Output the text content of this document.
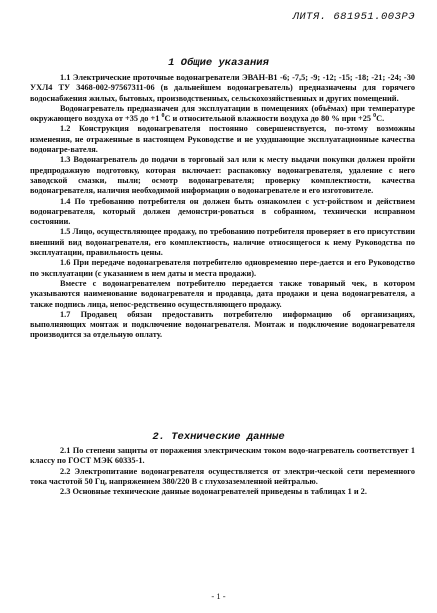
ЛИТЯ. 681951.003РЭ
1 Общие указания

1.1 Электрические проточные водонагреватели ЭВАН-В1 -6; -7,5; -9; -12; -15; -18; -21; -24; -30 УХЛ4 ТУ 3468-002-97567311-06 (в дальнейшем водонагреватель) предназначены для горячего водоснабжения жилых, бытовых, производственных, сельскохозяйственных и других помещений.

Водонагреватель предназначен для эксплуатации в помещениях (объёмах) при температуре окружающего воздуха от +35 до +1 $^0$С и относительной влажности воздуха до 80 % при +25 $^0$С.

1.2 Конструкция водонагревателя постоянно совершенствуется, по-этому возможны изменения, не отраженные в настоящем Руководстве и не ухудшающие эксплуатационные качества водонагре-вателя.

1.3 Водонагреватель до подачи в торговый зал или к месту выдачи покупки должен пройти предпродажную подготовку, которая включает: распаковку водонагревателя, удаление с него заводской смазки, пыли; осмотр водонагревателя; проверку комплектности, качества водонагревателя, наличия необходимой информации о водонагревателе и его изготовителе.

1.4 По требованию потребителя он должен быть ознакомлен с уст-ройством и действием водонагревателя, который должен демонстри-роваться в собранном, технически исправном состоянии.

1.5 Лицо, осуществляющее продажу, по требованию потребителя проверяет в его присутствии внешний вид водонагревателя, его комплектность, наличие относящегося к нему Руководства по эксплуатации, правильность цены.

1.6 При передаче водонагревателя потребителю одновременно пере-дается и его Руководство по эксплуатации (с указанием в нем даты и места продажи).

Вместе с водонагревателем потребителю передается также товарный чек, в котором указываются наименование водонагревателя и продавца, дата продажи и цена водонагревателя, а также подпись лица, непос-редственно осуществляющего продажу.

1.7 Продавец обязан предоставить потребителю информацию об организациях, выполняющих монтаж и подключение водонагревателя. Монтаж и подключение водонагревателя производится за отдельную оплату.

2. Технические данные

2.1 По степени защиты от поражения электрическим током водо-нагреватель соответствует 1 классу по ГОСТ МЭК 60335-1.

2.2 Электропитание водонагревателя осуществляется от электри-ческой сети переменного тока частотой 50 Гц, напряжением 380/220 В с глухозаземленной нейтралью.

2.3 Основные технические данные водонагревателей приведены в таблицах 1 и 2.

- 1 -
